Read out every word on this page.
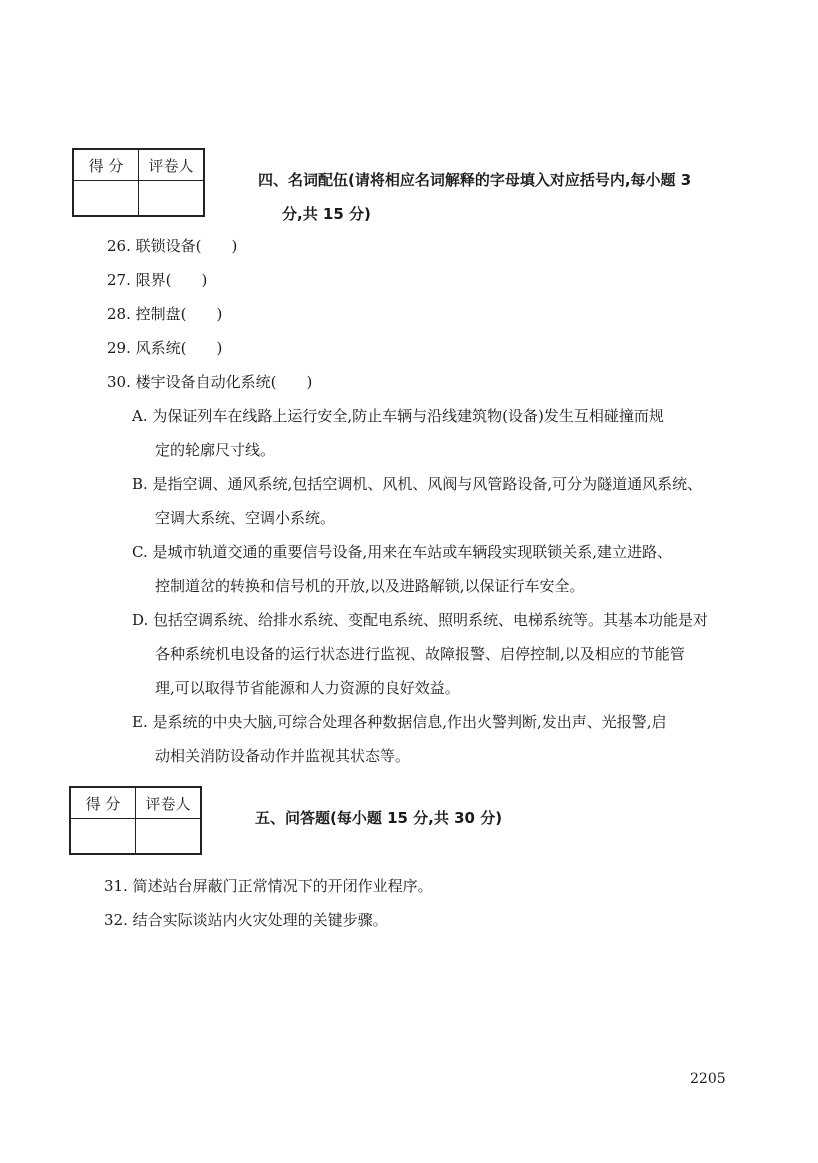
得 分	评卷人

四、名词配伍(请将相应名词解释的字母填入对应括号内,每小题 3
分,共 15 分)
26. 联锁设备(　　)
27. 限界(　　)
28. 控制盘(　　)
29. 风系统(　　)
30. 楼宇设备自动化系统(　　)
A. 为保证列车在线路上运行安全,防止车辆与沿线建筑物(设备)发生互相碰撞而规
定的轮廓尺寸线。
B. 是指空调、通风系统,包括空调机、风机、风阀与风管路设备,可分为隧道通风系统、
空调大系统、空调小系统。
C. 是城市轨道交通的重要信号设备,用来在车站或车辆段实现联锁关系,建立进路、
控制道岔的转换和信号机的开放,以及进路解锁,以保证行车安全。
D. 包括空调系统、给排水系统、变配电系统、照明系统、电梯系统等。其基本功能是对
各种系统机电设备的运行状态进行监视、故障报警、启停控制,以及相应的节能管
理,可以取得节省能源和人力资源的良好效益。
E. 是系统的中央大脑,可综合处理各种数据信息,作出火警判断,发出声、光报警,启
动相关消防设备动作并监视其状态等。
得 分	评卷人

五、问答题(每小题 15 分,共 30 分)
31. 简述站台屏蔽门正常情况下的开闭作业程序。
32. 结合实际谈站内火灾处理的关键步骤。
2205
